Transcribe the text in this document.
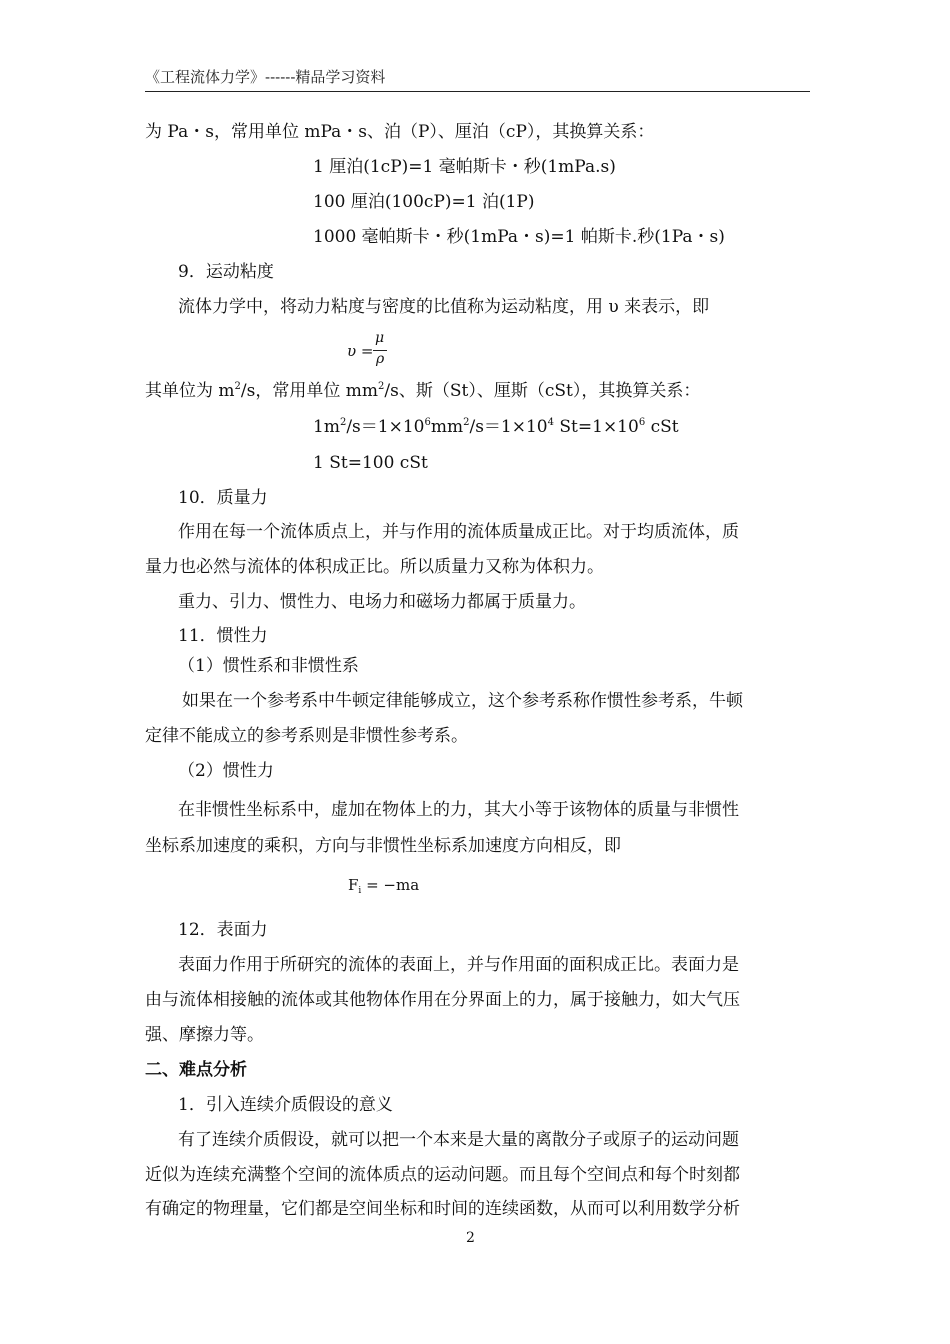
《工程流体力学》------精品学习资料
为 Pa・s，常用单位 mPa・s、泊（P）、厘泊（cP），其换算关系：
1 厘泊(1cP)=1 毫帕斯卡・秒(1mPa.s)
100 厘泊(100cP)=1 泊(1P)
1000 毫帕斯卡・秒(1mPa・s)=1 帕斯卡.秒(1Pa・s)
9．运动粘度
流体力学中，将动力粘度与密度的比值称为运动粘度，用 υ 来表示，即
υ =
μ
ρ
其单位为 $m^2/s$，常用单位 $mm^2/s$、斯（St）、厘斯（cSt），其换算关系：
$1m^2/s=1\times 10^6mm^2/s=1\times 10^4$ $St=1\times 10^6$ cSt
1 St=100 cSt
10．质量力
作用在每一个流体质点上，并与作用的流体质量成正比。对于均质流体，质
量力也必然与流体的体积成正比。所以质量力又称为体积力。
重力、引力、惯性力、电场力和磁场力都属于质量力。
11．惯性力
（1）惯性系和非惯性系
如果在一个参考系中牛顿定律能够成立，这个参考系称作惯性参考系，牛顿
定律不能成立的参考系则是非惯性参考系。
（2）惯性力
在非惯性坐标系中，虚加在物体上的力，其大小等于该物体的质量与非惯性
坐标系加速度的乘积，方向与非惯性坐标系加速度方向相反，即
$F_i = -ma$
12．表面力
表面力作用于所研究的流体的表面上，并与作用面的面积成正比。表面力是
由与流体相接触的流体或其他物体作用在分界面上的力，属于接触力，如大气压
强、摩擦力等。
二、难点分析
1．引入连续介质假设的意义
有了连续介质假设，就可以把一个本来是大量的离散分子或原子的运动问题
近似为连续充满整个空间的流体质点的运动问题。而且每个空间点和每个时刻都
有确定的物理量，它们都是空间坐标和时间的连续函数，从而可以利用数学分析
2
